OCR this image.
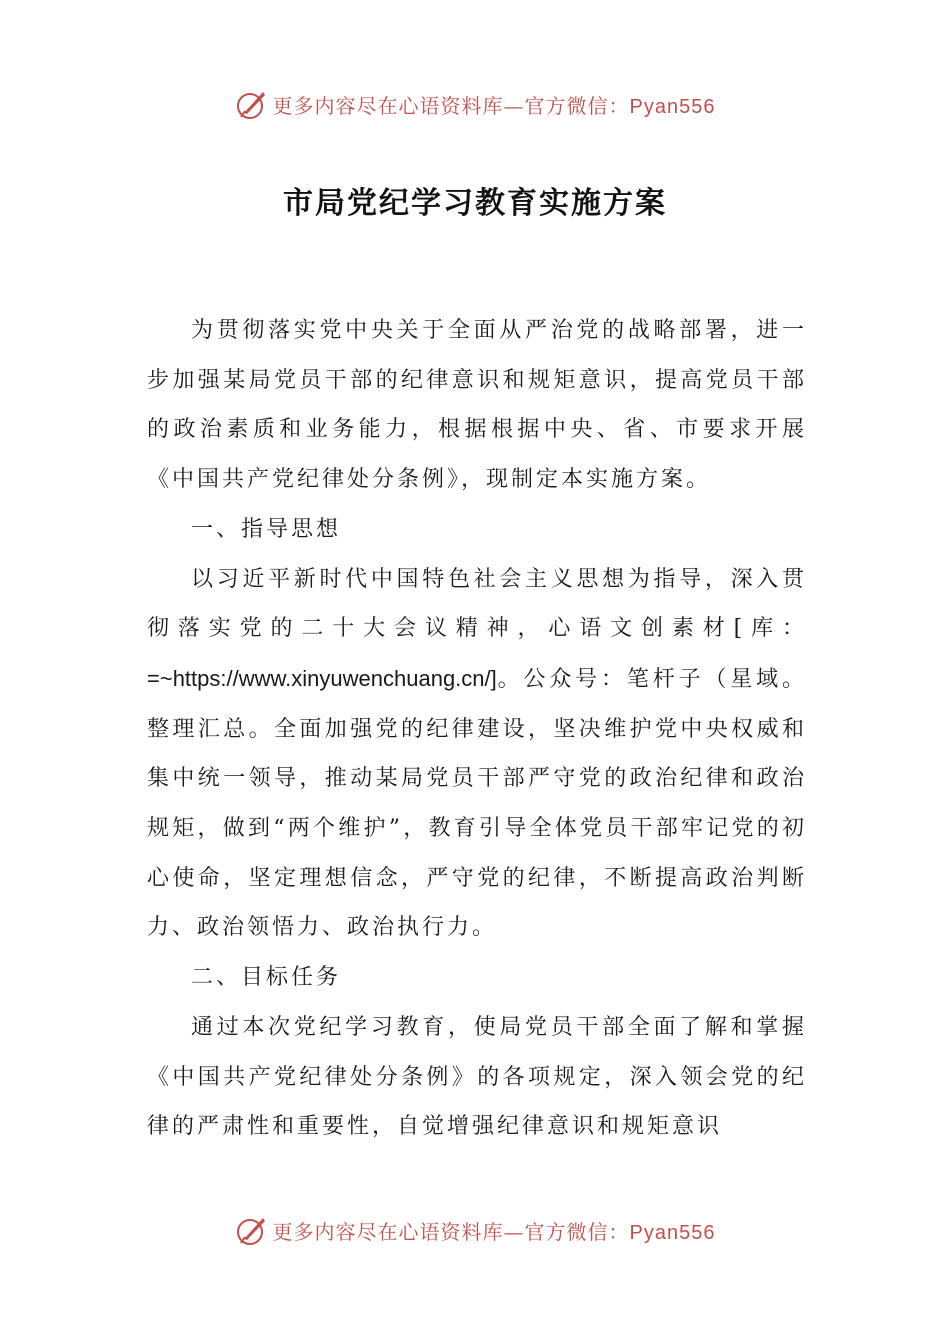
更多内容尽在心语资料库—官方微信：Pyan556
市局党纪学习教育实施方案

为贯彻落实党中央关于全面从严治党的战略部署，进一步加强某局党员干部的纪律意识和规矩意识，提高党员干部的政治素质和业务能力，根据根据中央、省、市要求开展《中国共产党纪律处分条例》，现制定本实施方案。

一、指导思想

以习近平新时代中国特色社会主义思想为指导，深入贯彻落实党的二十大会议精神，心语文创素材[库：=~https://www.xinyuwenchuang.cn/]。公众号：笔杆子（星域。整理汇总。全面加强党的纪律建设，坚决维护党中央权威和集中统一领导，推动某局党员干部严守党的政治纪律和政治规矩，做到“两个维护”，教育引导全体党员干部牢记党的初心使命，坚定理想信念，严守党的纪律，不断提高政治判断力、政治领悟力、政治执行力。

二、目标任务

通过本次党纪学习教育，使局党员干部全面了解和掌握《中国共产党纪律处分条例》的各项规定，深入领会党的纪律的严肃性和重要性，自觉增强纪律意识和规矩意识

更多内容尽在心语资料库—官方微信：Pyan556
